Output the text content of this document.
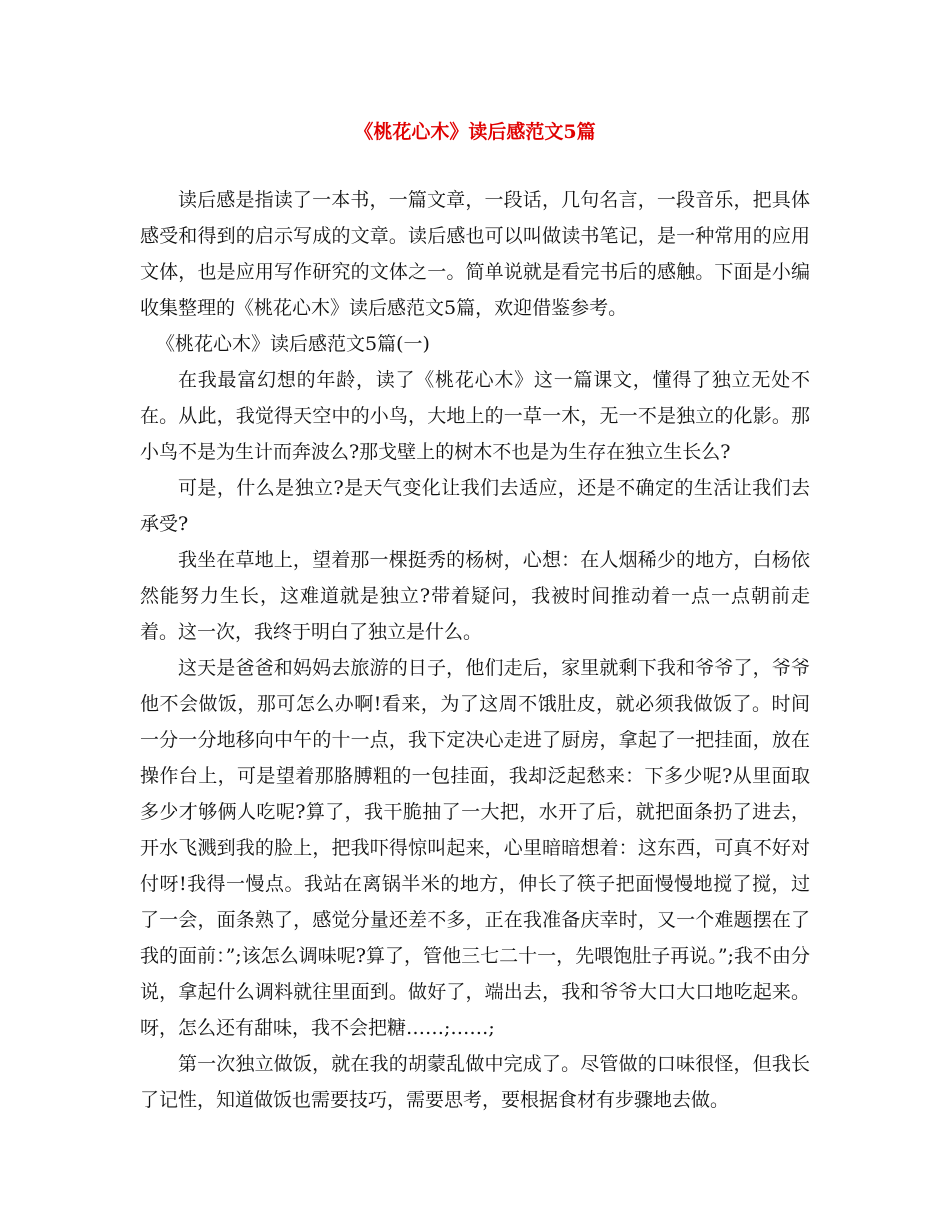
《桃花心木》读后感范文5篇

读后感是指读了一本书，一篇文章，一段话，几句名言，一段音乐，把具体感受和得到的启示写成的文章。读后感也可以叫做读书笔记，是一种常用的应用文体，也是应用写作研究的文体之一。简单说就是看完书后的感触。下面是小编收集整理的《桃花心木》读后感范文5篇，欢迎借鉴参考。

《桃花心木》读后感范文5篇(一)

在我最富幻想的年龄，读了《桃花心木》这一篇课文，懂得了独立无处不在。从此，我觉得天空中的小鸟，大地上的一草一木，无一不是独立的化影。那小鸟不是为生计而奔波么?那戈壁上的树木不也是为生存在独立生长么?

可是，什么是独立?是天气变化让我们去适应，还是不确定的生活让我们去承受?

我坐在草地上，望着那一棵挺秀的杨树，心想：在人烟稀少的地方，白杨依然能努力生长，这难道就是独立?带着疑问，我被时间推动着一点一点朝前走着。这一次，我终于明白了独立是什么。

这天是爸爸和妈妈去旅游的日子，他们走后，家里就剩下我和爷爷了，爷爷他不会做饭，那可怎么办啊!看来，为了这周不饿肚皮，就必须我做饭了。时间一分一分地移向中午的十一点，我下定决心走进了厨房，拿起了一把挂面，放在操作台上，可是望着那胳膊粗的一包挂面，我却泛起愁来：下多少呢?从里面取多少才够俩人吃呢?算了，我干脆抽了一大把，水开了后，就把面条扔了进去，开水飞溅到我的脸上，把我吓得惊叫起来，心里暗暗想着：这东西，可真不好对付呀!我得一慢点。我站在离锅半米的地方，伸长了筷子把面慢慢地搅了搅，过了一会，面条熟了，感觉分量还差不多，正在我准备庆幸时，又一个难题摆在了我的面前：”;该怎么调味呢?算了，管他三七二十一，先喂饱肚子再说。”;我不由分说，拿起什么调料就往里面到。做好了，端出去，我和爷爷大口大口地吃起来。呀，怎么还有甜味，我不会把糖……;……;

第一次独立做饭，就在我的胡蒙乱做中完成了。尽管做的口味很怪，但我长了记性，知道做饭也需要技巧，需要思考，要根据食材有步骤地去做。
